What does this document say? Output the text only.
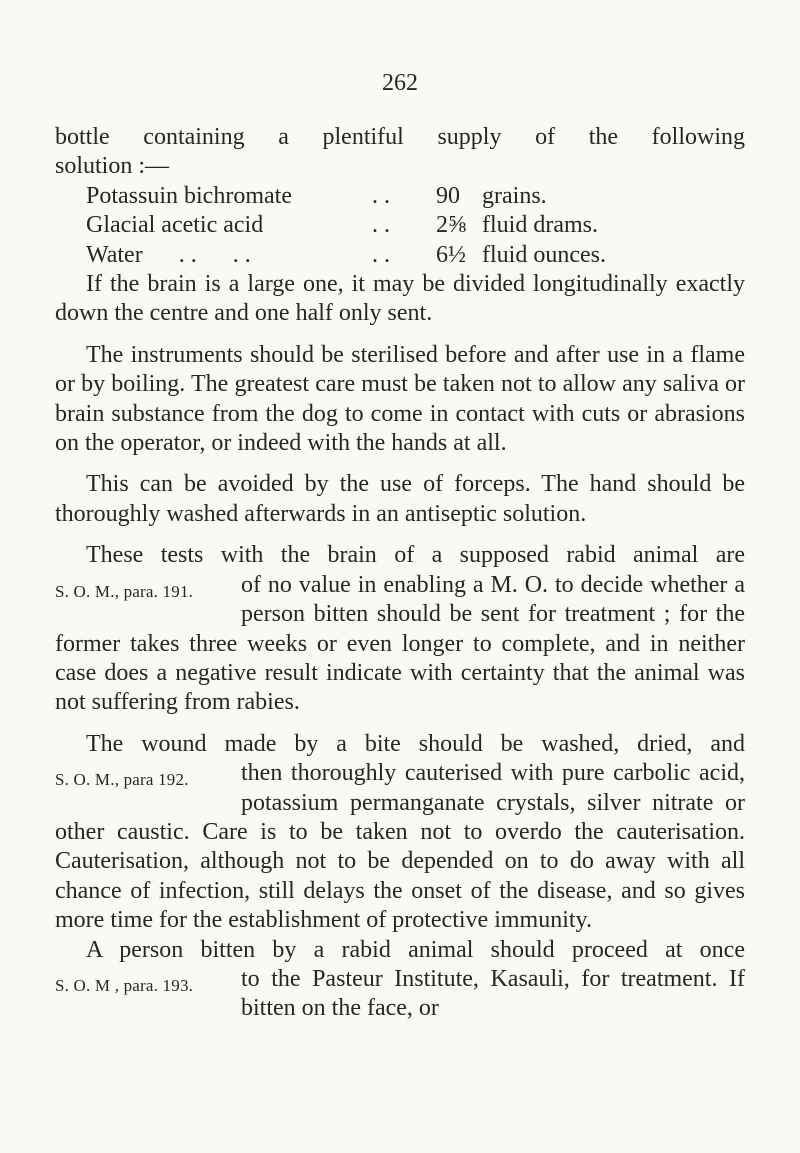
262

bottle containing a plentiful supply of the following

solution :—

Potassuin bichromate	. .	90	grains.
Glacial acetic acid	. .	2⅝	fluid drams.
Water      . .      . .	. .	6½	fluid ounces.

If the brain is a large one, it may be divided longitudinally exactly down the centre and one half only sent.

The instruments should be sterilised before and after use in a flame or by boiling. The greatest care must be taken not to allow any saliva or brain substance from the dog to come in contact with cuts or abrasions on the operator, or indeed with the hands at all.

This can be avoided by the use of forceps. The hand should be thoroughly washed afterwards in an antiseptic solution.

These tests with the brain of a supposed rabid animal are
S. O. M., para. 191.	of no value in enabling a M. O. to decide whether a person bitten should be sent for treatment ; for the former takes three weeks or even longer to complete, and in neither case does a negative result indicate with certainty that the animal was not suffering from rabies.

The wound made by a bite should be washed, dried, and
S. O. M., para 192.	then thoroughly cauterised with pure carbolic acid, potassium permanganate crystals, silver nitrate or other caustic. Care is to be taken not to overdo the cauterisation. Cauterisation, although not to be depended on to do away with all chance of infection, still delays the onset of the disease, and so gives more time for the establishment of protective immunity.

A person bitten by a rabid animal should proceed at once
S. O. M , para. 193.	to the Pasteur Institute, Kasauli, for treatment. If bitten on the face, or
